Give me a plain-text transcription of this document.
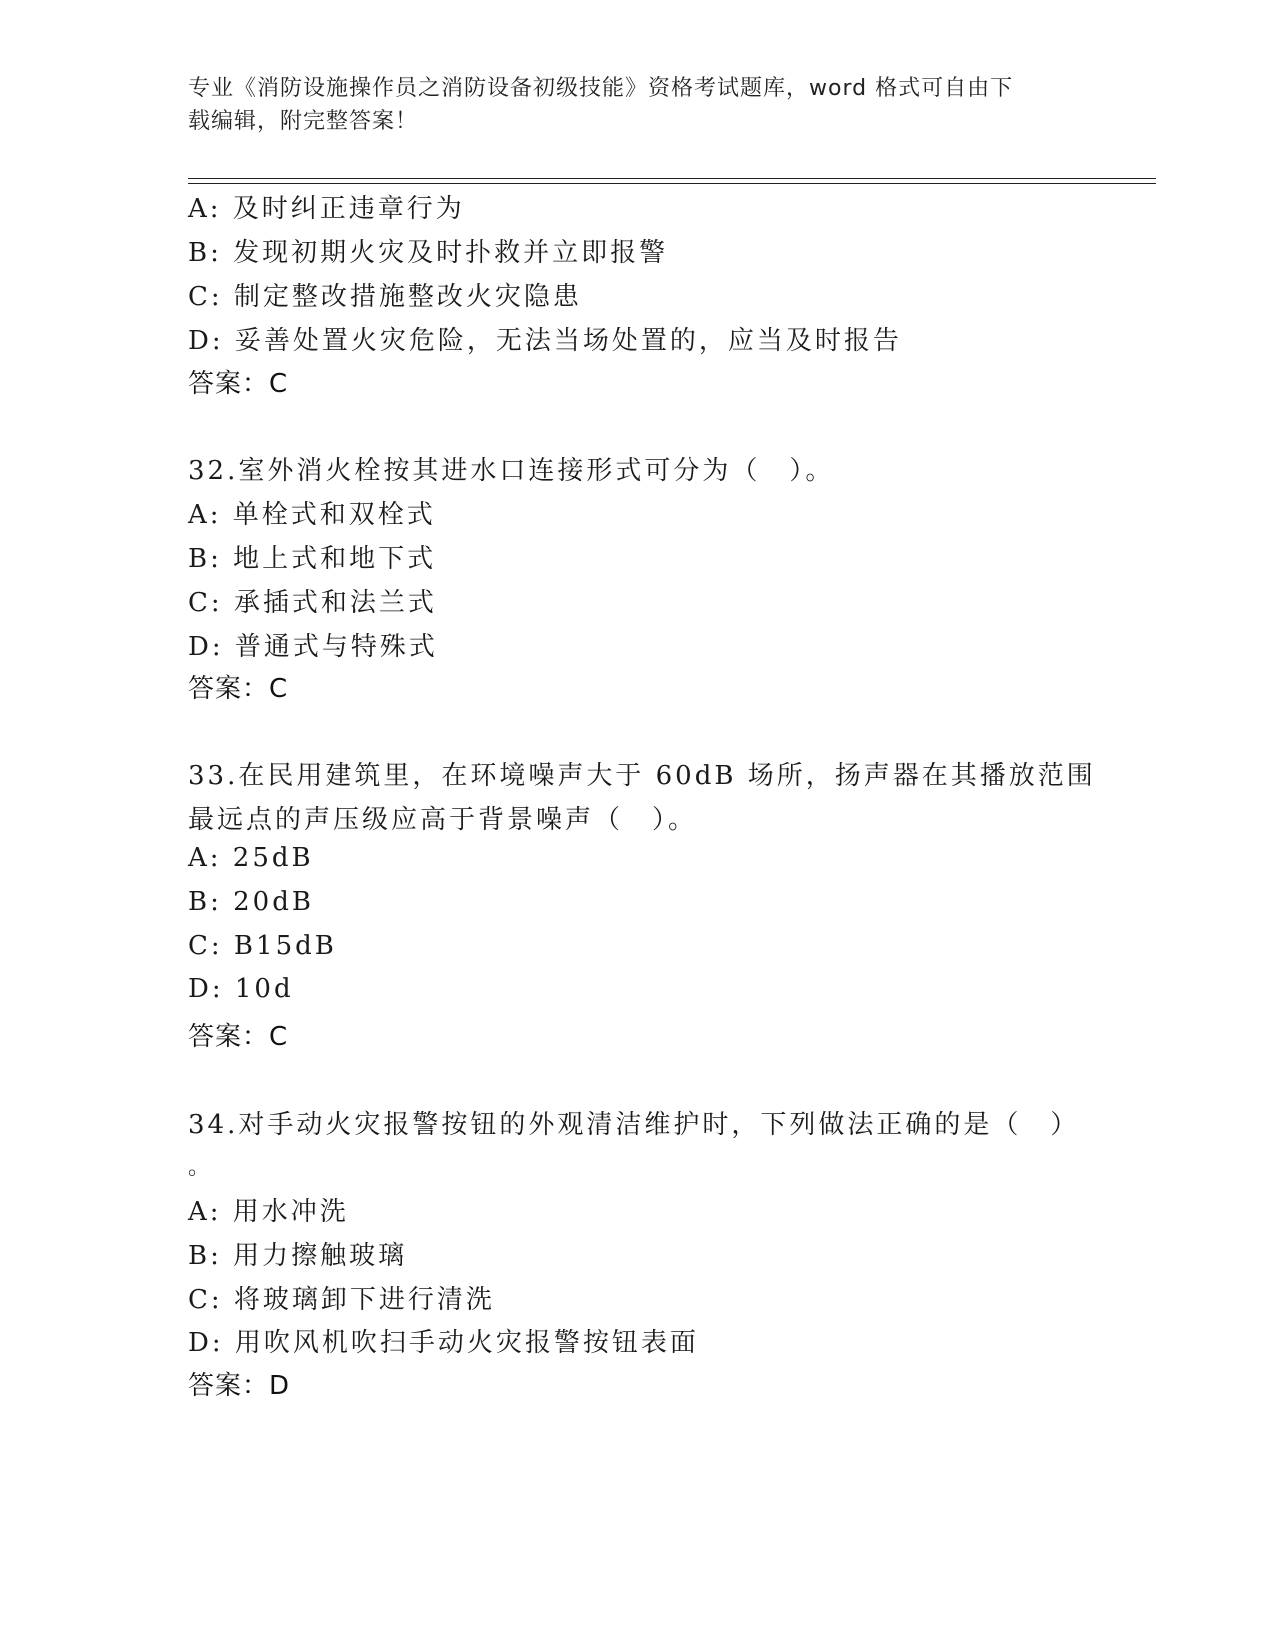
专业《消防设施操作员之消防设备初级技能》资格考试题库，word 格式可自由下
载编辑，附完整答案！
A: 及时纠正违章行为
B: 发现初期火灾及时扑救并立即报警
C: 制定整改措施整改火灾隐患
D: 妥善处置火灾危险，无法当场处置的，应当及时报告
答案：C
32.室外消火栓按其进水口连接形式可分为（　）。
A: 单栓式和双栓式
B: 地上式和地下式
C: 承插式和法兰式
D: 普通式与特殊式
答案：C
33.在民用建筑里，在环境噪声大于 60dB 场所，扬声器在其播放范围
最远点的声压级应高于背景噪声（　）。
A: 25dB
B: 20dB
C: B15dB
D: 10d
答案：C
34.对手动火灾报警按钮的外观清洁维护时，下列做法正确的是（　）
。
A: 用水冲洗
B: 用力擦触玻璃
C: 将玻璃卸下进行清洗
D: 用吹风机吹扫手动火灾报警按钮表面
答案：D
